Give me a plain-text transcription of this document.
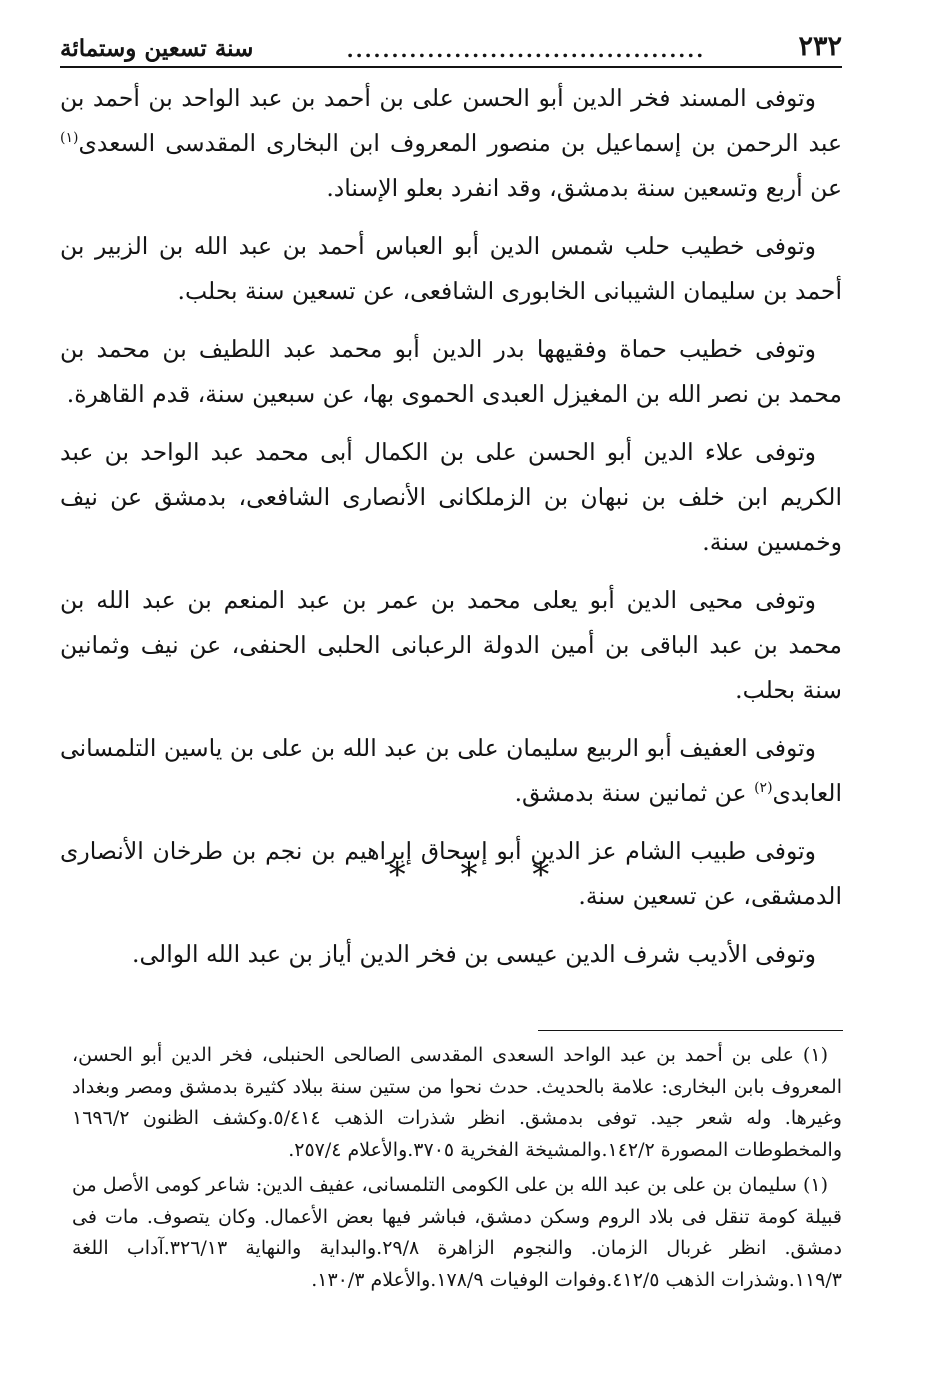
٢٣٢
........................................
سنة تسعين وستمائة

وتوفى المسند فخر الدين أبو الحسن على بن أحمد بن عبد الواحد بن أحمد بن عبد الرحمن بن إسماعيل بن منصور المعروف ابن البخارى المقدسى السعدى$^{(١)}$ عن أربع وتسعين سنة بدمشق، وقد انفرد بعلو الإسناد.

وتوفى خطيب حلب شمس الدين أبو العباس أحمد بن عبد الله بن الزبير بن أحمد بن سليمان الشيبانى الخابورى الشافعى، عن تسعين سنة بحلب.

وتوفى خطيب حماة وفقيهها بدر الدين أبو محمد عبد اللطيف بن محمد بن محمد بن نصر الله بن المغيزل العبدى الحموى بها، عن سبعين سنة، قدم القاهرة.

وتوفى علاء الدين أبو الحسن على بن الكمال أبى محمد عبد الواحد بن عبد الكريم ابن خلف بن نبهان بن الزملكانى الأنصارى الشافعى، بدمشق عن نيف وخمسين سنة.

وتوفى محيى الدين أبو يعلى محمد بن عمر بن عبد المنعم بن عبد الله بن محمد بن عبد الباقى بن أمين الدولة الرعبانى الحلبى الحنفى، عن نيف وثمانين سنة بحلب.

وتوفى العفيف أبو الربيع سليمان على بن عبد الله بن على بن ياسين التلمسانى العابدى$^{(٢)}$ عن ثمانين سنة بدمشق.

وتوفى طبيب الشام عز الدين أبو إسحاق إبراهيم بن نجم بن طرخان الأنصارى الدمشقى، عن تسعين سنة.

وتوفى الأديب شرف الدين عيسى بن فخر الدين أياز بن عبد الله الوالى.

* * *

(١) على بن أحمد بن عبد الواحد السعدى المقدسى الصالحى الحنبلى، فخر الدين أبو الحسن، المعروف بابن البخارى: علامة بالحديث. حدث نحوا من ستين سنة ببلاد كثيرة بدمشق ومصر وبغداد وغيرها. وله شعر جيد. توفى بدمشق. انظر شذرات الذهب ٥/٤١٤.وكشف الظنون ١٦٩٦/٢ والمخطوطات المصورة ١٤٢/٢.والمشيخة الفخرية ٣٧٠٥.والأعلام ٢٥٧/٤.

(١) سليمان بن على بن عبد الله بن على الكومى التلمسانى، عفيف الدين: شاعر كومى الأصل من قبيلة كومة تنقل فى بلاد الروم وسكن دمشق، فباشر فيها بعض الأعمال. وكان يتصوف. مات فى دمشق. انظر غربال الزمان. والنجوم الزاهرة ٢٩/٨.والبداية والنهاية ٣٢٦/١٣.آداب اللغة ١١٩/٣.وشذرات الذهب ٤١٢/٥.وفوات الوفيات ١٧٨/٩.والأعلام ١٣٠/٣.
